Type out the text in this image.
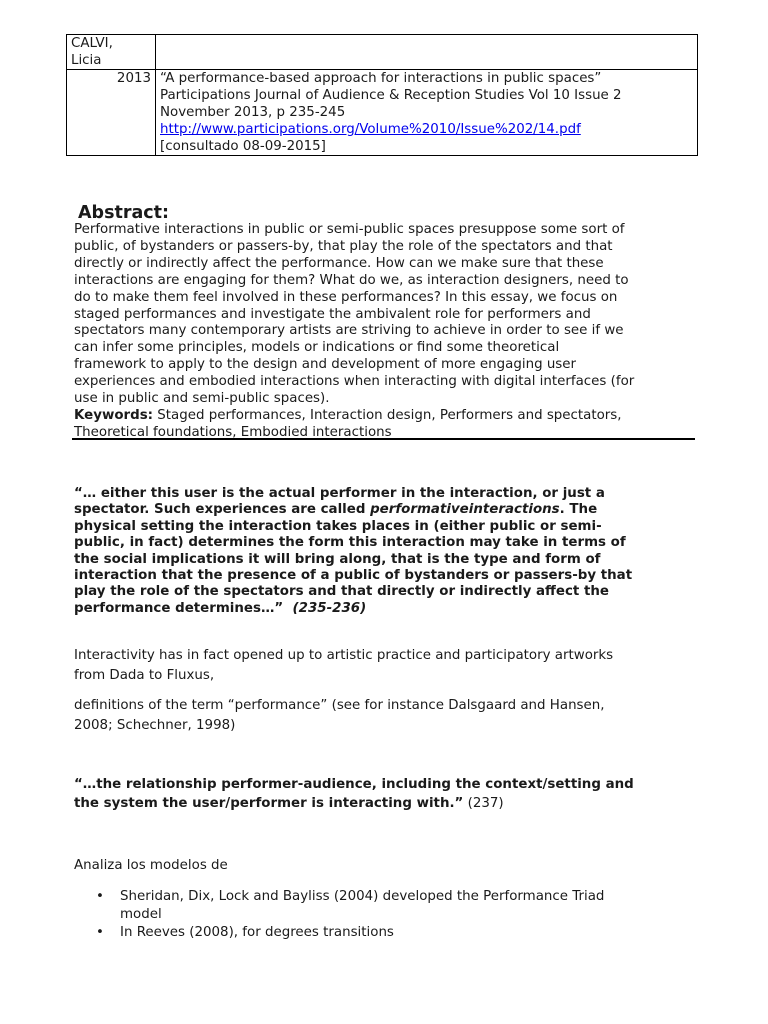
CALVI,
Licia	

2013	“A performance-based approach for interactions in public spaces”
Participations Journal of Audience & Reception Studies Vol 10 Issue 2
November 2013, p 235-245
http://www.participations.org/Volume%2010/Issue%202/14.pdf
[consultado 08-09-2015]
Abstract:
Performative interactions in public or semi-public spaces presuppose some sort of
public, of bystanders or passers-by, that play the role of the spectators and that
directly or indirectly affect the performance. How can we make sure that these
interactions are engaging for them? What do we, as interaction designers, need to
do to make them feel involved in these performances? In this essay, we focus on
staged performances and investigate the ambivalent role for performers and
spectators many contemporary artists are striving to achieve in order to see if we
can infer some principles, models or indications or find some theoretical
framework to apply to the design and development of more engaging user
experiences and embodied interactions when interacting with digital interfaces (for
use in public and semi-public spaces).
Keywords: Staged performances, Interaction design, Performers and spectators,
Theoretical foundations, Embodied interactions
“… either this user is the actual performer in the interaction, or just a
spectator. Such experiences are called performativeinteractions. The
physical setting the interaction takes places in (either public or semi-
public, in fact) determines the form this interaction may take in terms of
the social implications it will bring along, that is the type and form of
interaction that the presence of a public of bystanders or passers-by that
play the role of the spectators and that directly or indirectly affect the
performance determines…” (235-236)
Interactivity has in fact opened up to artistic practice and participatory artworks
from Dada to Fluxus,
definitions of the term “performance” (see for instance Dalsgaard and Hansen,
2008; Schechner, 1998)
“…the relationship performer-audience, including the context/setting and
the system the user/performer is interacting with.” (237)
Analiza los modelos de
• Sheridan, Dix, Lock and Bayliss (2004) developed the Performance Triad
model
• In Reeves (2008), for degrees transitions
